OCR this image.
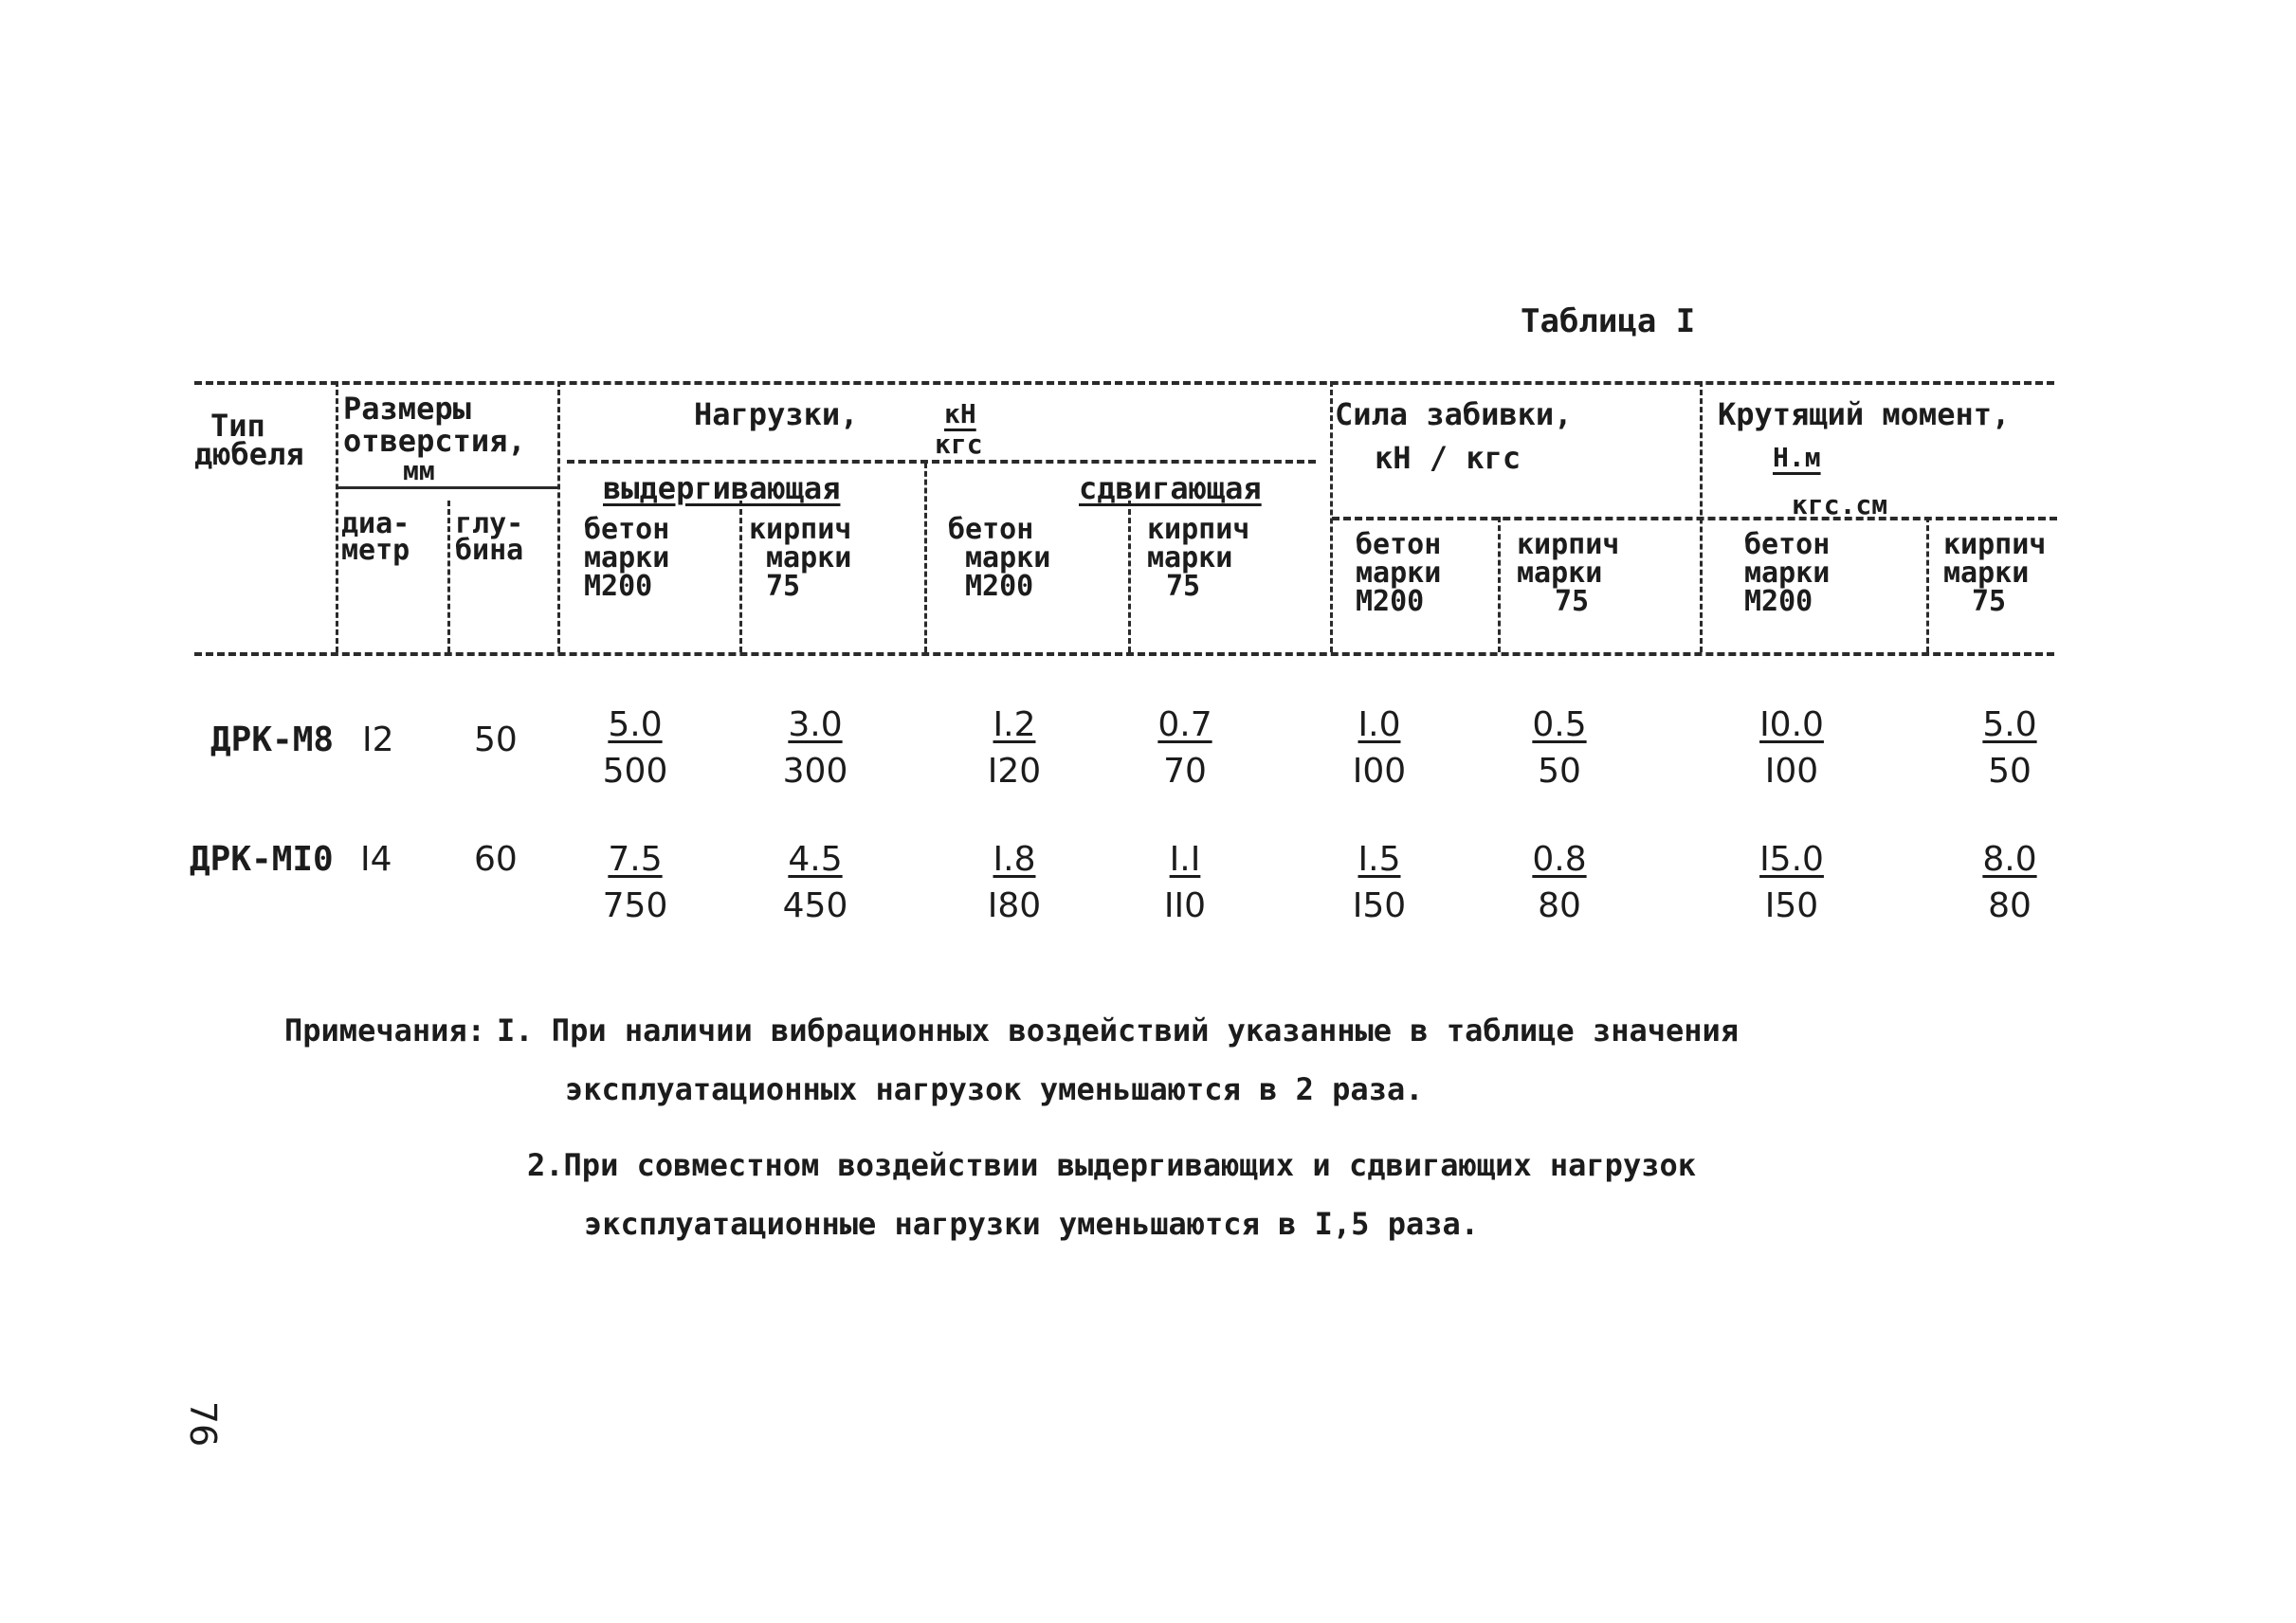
Таблица I
Тип
дюбеля
Размеры
отверстия,
мм
диа-
метр
глу-
бина
Нагрузки,	кН
кгс
выдергивающая	сдвигающая
бетон
марки
М200
кирпич
марки
75
бетон
марки
М200
кирпич
марки
75
Сила забивки,
кН / кгс
бетон
марки
М200
кирпич
марки
75
Крутящий момент,
Н.м
кгс.см
бетон
марки
М200
кирпич
марки
75
ДРК-М8 I2 $50 \frac{5.0}{500} \frac{3.0}{300} \frac{I.2}{I20} \frac{0.7}{70} \frac{I.0}{I00} \frac{0.5}{50} \frac{I0.0}{I00} \frac{5.0}{50}$
ДРК-МI0 I4 $60 \frac{7.5}{750} \frac{4.5}{450} \frac{I.8}{I80} \frac{I.I}{II0} \frac{I.5}{I50} \frac{0.8}{80} \frac{I5.0}{I50} \frac{8.0}{80}$
Примечания: I. При наличии вибрационных воздействий указанные в таблице значения
эксплуатационных нагрузок уменьшаются в 2 раза.
2.При совместном воздействии выдергивающих и сдвигающих нагрузок
эксплуатационные нагрузки уменьшаются в I,5 раза.
76
